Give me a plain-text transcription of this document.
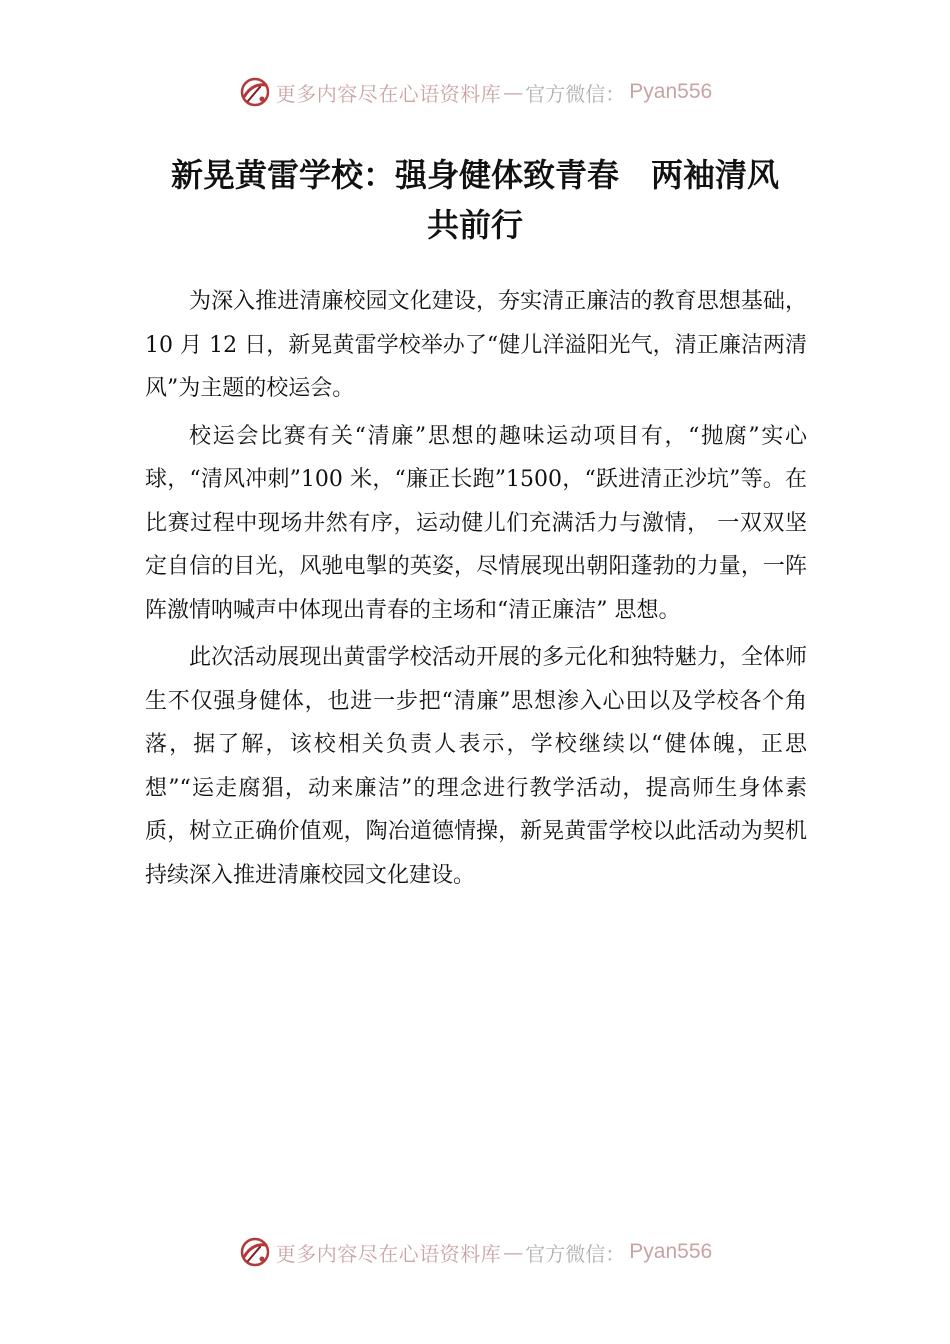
更多内容尽在心语资料库 — 官方微信： Pyan556
新晃黄雷学校：强身健体致青春　两袖清风
共前行

为深入推进清廉校园文化建设，夯实清正廉洁的教育思想基础，10 月 12 日，新晃黄雷学校举办了“健儿洋溢阳光气，清正廉洁两清风”为主题的校运会。

校运会比赛有关“清廉”思想的趣味运动项目有，“抛腐”实心球，“清风冲刺”100 米，“廉正长跑”1500，“跃进清正沙坑”等。在比赛过程中现场井然有序，运动健儿们充满活力与激情， 一双双坚定自信的目光，风驰电掣的英姿，尽情展现出朝阳蓬勃的力量，一阵阵激情呐喊声中体现出青春的主场和“清正廉洁” 思想。

此次活动展现出黄雷学校活动开展的多元化和独特魅力，全体师生不仅强身健体，也进一步把“清廉”思想渗入心田以及学校各个角落，据了解，该校相关负责人表示，学校继续以“健体魄，正思想”“运走腐猖，动来廉洁”的理念进行教学活动，提高师生身体素质，树立正确价值观，陶冶道德情操，新晃黄雷学校以此活动为契机持续深入推进清廉校园文化建设。

更多内容尽在心语资料库 — 官方微信： Pyan556
